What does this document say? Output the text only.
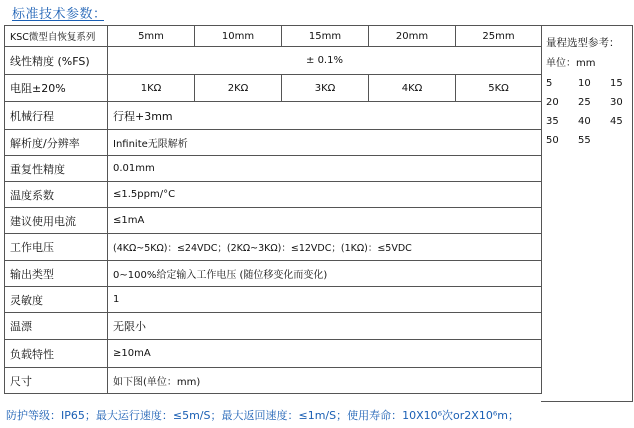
标准技术参数：
KSC微型自恢复系列	5mm	10mm	15mm	20mm	25mm
线性精度 (%FS)	± 0.1%				
电阻±20%	1KΩ	2KΩ	3KΩ	4KΩ	5KΩ
机械行程	行程+3mm				
解析度/分辨率	Infinite无限解析				
重复性精度	0.01mm				
温度系数	≤1.5ppm/°C				
建议使用电流	≤1mA				
工作电压	(4KΩ~5KΩ)：≤24VDC；(2KΩ~3KΩ)：≤12VDC；(1KΩ)：≤5VDC				
输出类型	0~100%给定输入工作电压 (随位移变化而变化)				
灵敏度	1				
温漂	无限小				
负载特性	≥10mA				
尺寸	如下图(单位：mm)				
量程选型参考：
单位：mm
5	10	15
20	25	30
35	40	45
50	55
防护等级：IP65；最大运行速度：≤5m/S；最大返回速度：≤1m/S；使用寿命：10X10⁶次or2X10⁶m；
